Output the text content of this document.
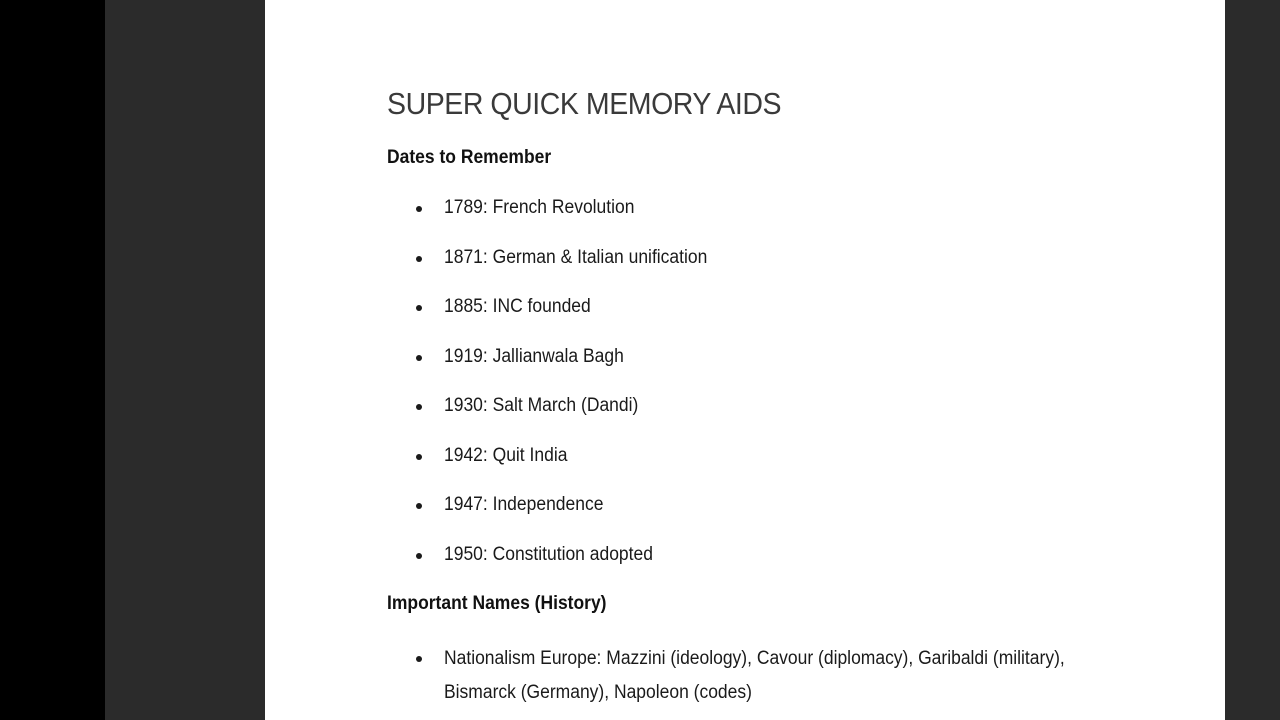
SUPER QUICK MEMORY AIDS
Dates to Remember
1789: French Revolution
1871: German & Italian unification
1885: INC founded
1919: Jallianwala Bagh
1930: Salt March (Dandi)
1942: Quit India
1947: Independence
1950: Constitution adopted
Important Names (History)
Nationalism Europe: Mazzini (ideology), Cavour (diplomacy), Garibaldi (military), Bismarck (Germany), Napoleon (codes)
